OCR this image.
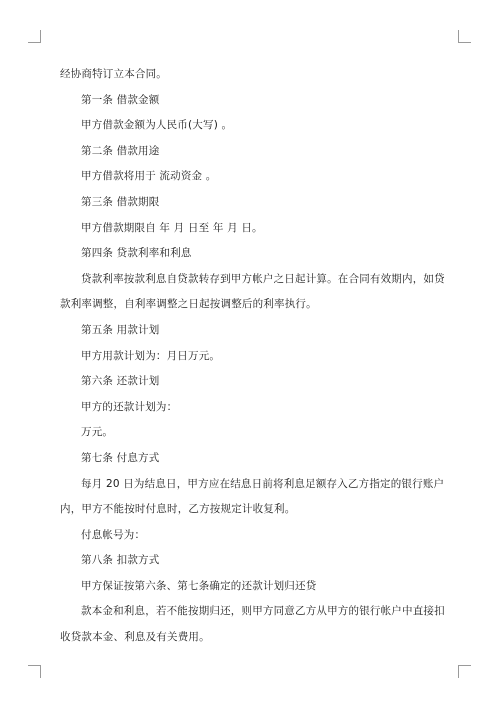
经协商特订立本合同。

第一条 借款金额

甲方借款金额为人民币(大写) 。

第二条 借款用途

甲方借款将用于 流动资金 。

第三条 借款期限

甲方借款期限自 年 月 日至 年 月 日。

第四条 贷款利率和利息

贷款利率按款利息自贷款转存到甲方帐户之日起计算。在合同有效期内，如贷款利率调整，自利率调整之日起按调整后的利率执行。

第五条 用款计划

甲方用款计划为：月日万元。

第六条 还款计划

甲方的还款计划为：

万元。

第七条 付息方式

每月 20 日为结息日，甲方应在结息日前将利息足额存入乙方指定的银行账户内，甲方不能按时付息时，乙方按规定计收复利。

付息帐号为：

第八条 扣款方式

甲方保证按第六条、第七条确定的还款计划归还贷

款本金和利息，若不能按期归还，则甲方同意乙方从甲方的银行帐户中直接扣收贷款本金、利息及有关费用。
